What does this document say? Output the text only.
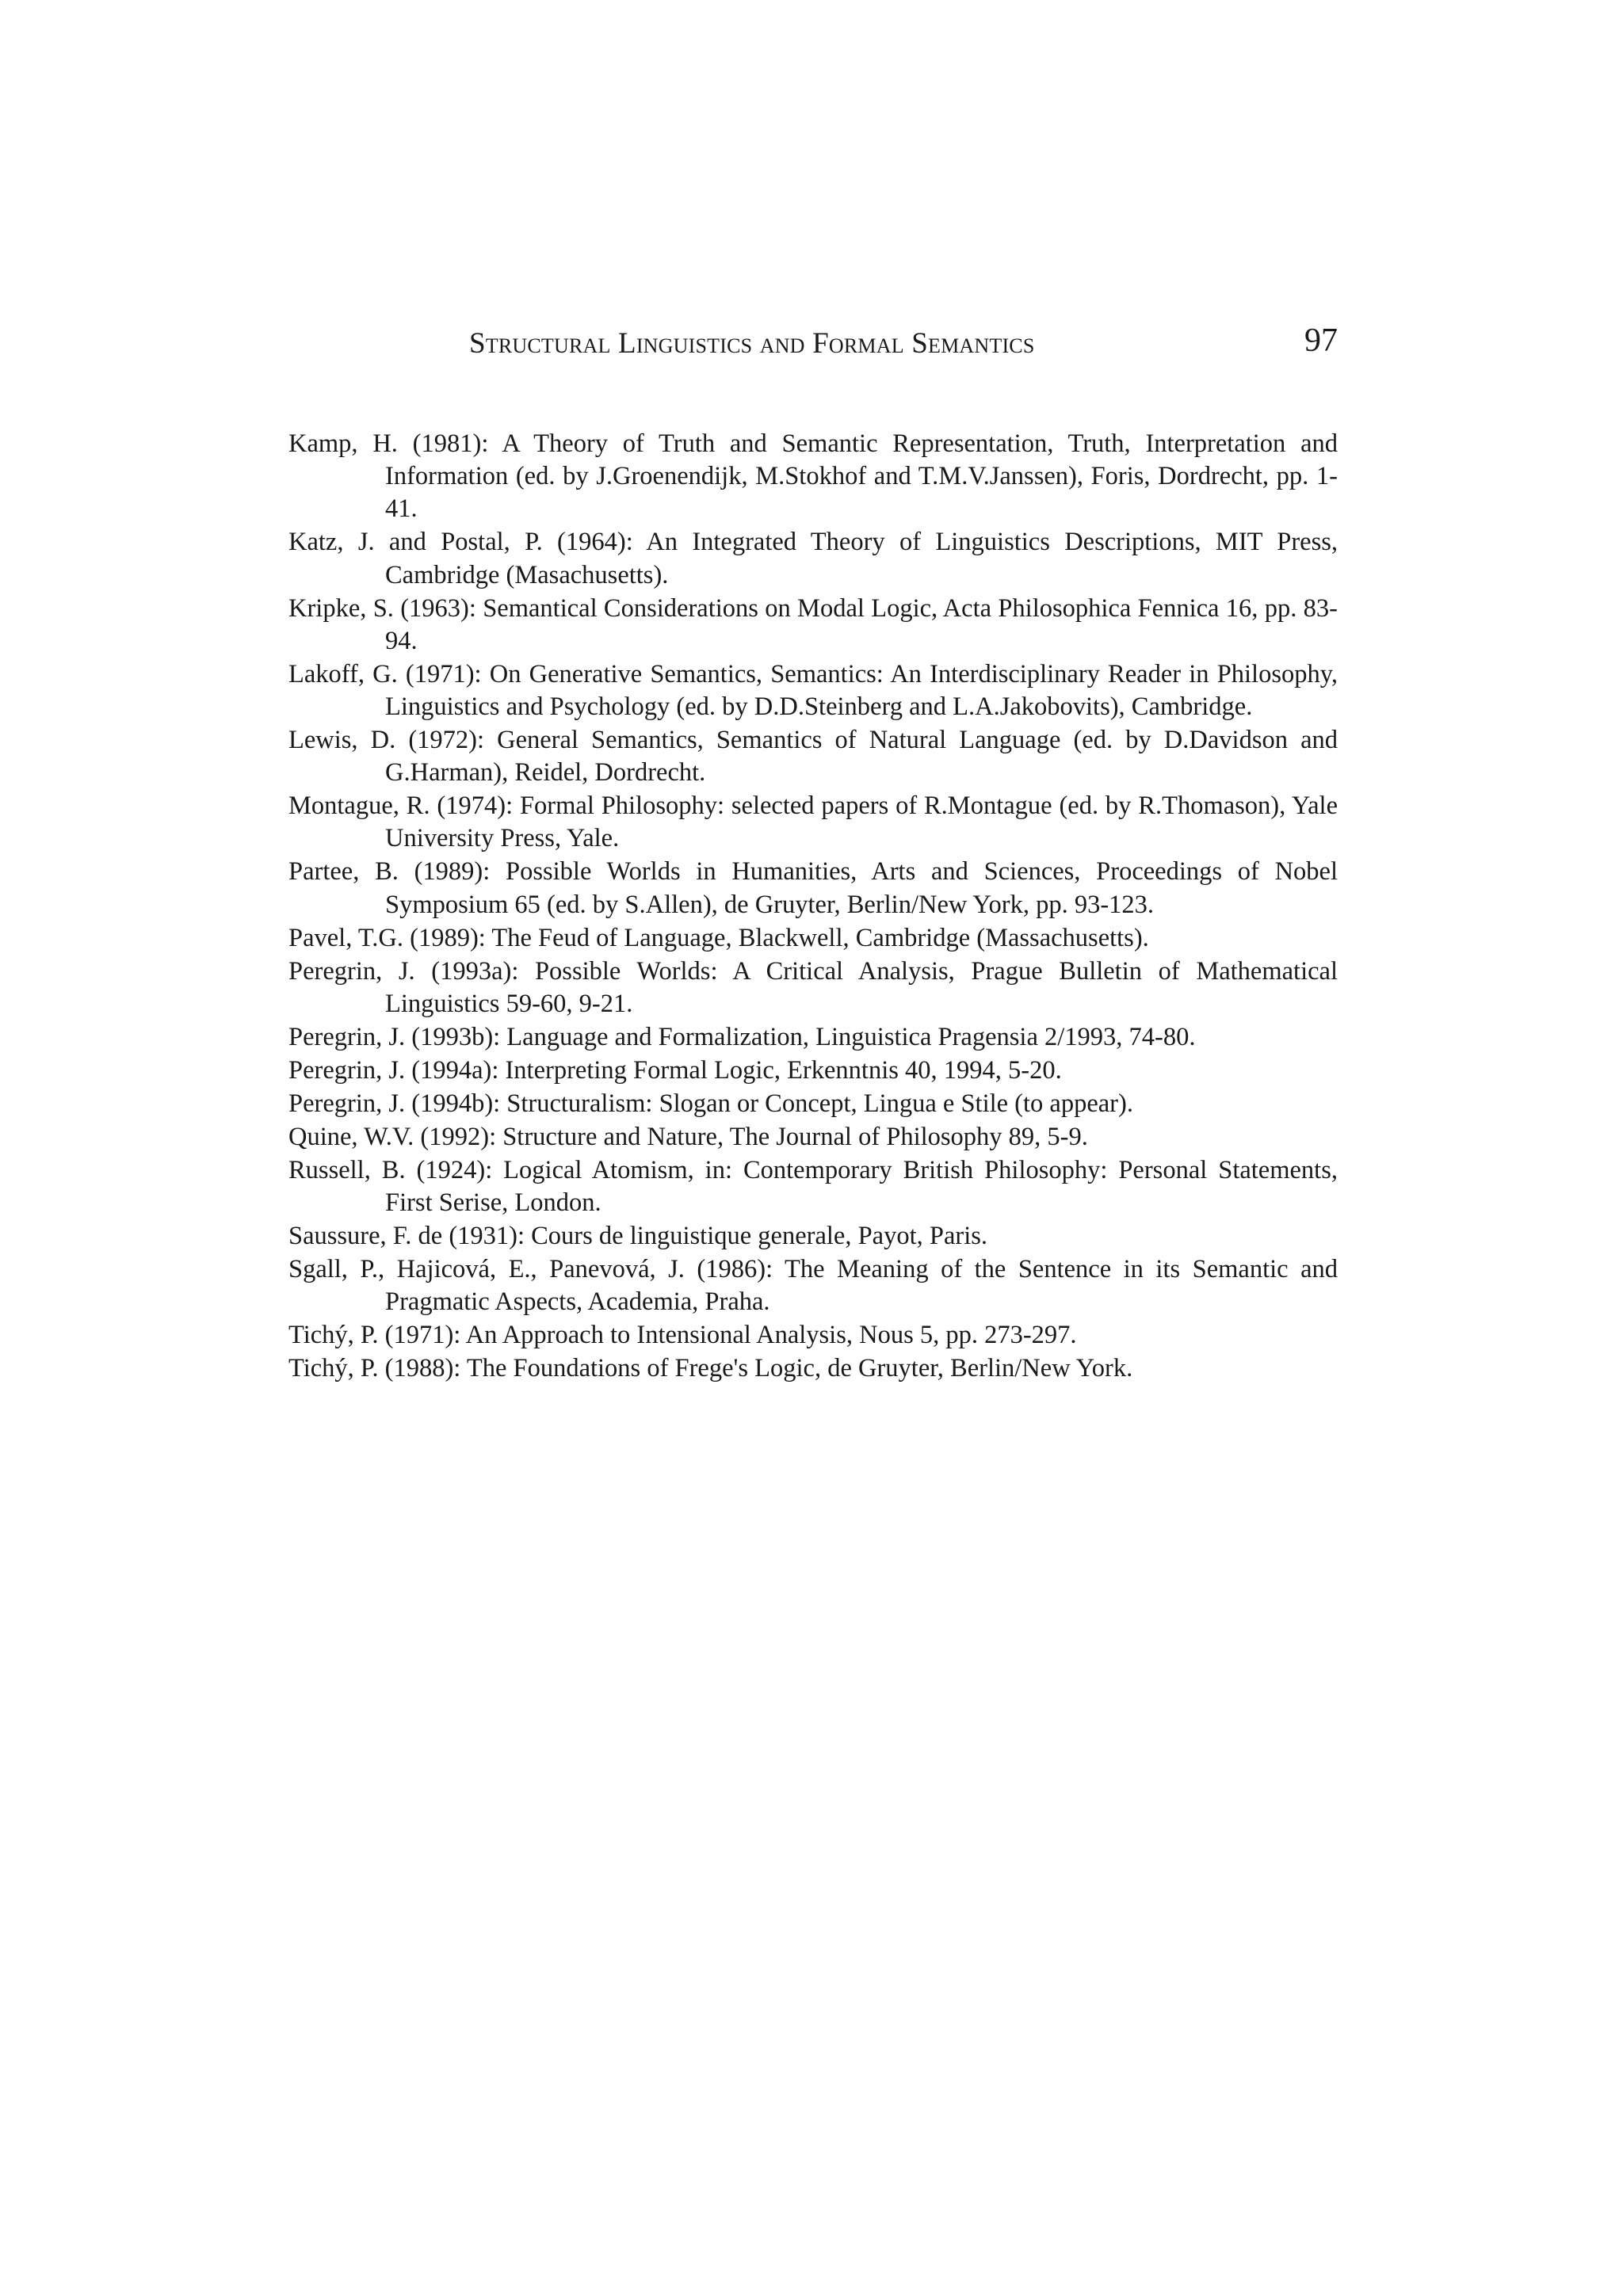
Structural Linguistics and Formal Semantics	97
Kamp, H. (1981): A Theory of Truth and Semantic Representation, Truth, Interpretation and Information (ed. by J.Groenendijk, M.Stokhof and T.M.V.Janssen), Foris, Dordrecht, pp. 1-41.
Katz, J. and Postal, P. (1964): An Integrated Theory of Linguistics Descriptions, MIT Press, Cambridge (Masachusetts).
Kripke, S. (1963): Semantical Considerations on Modal Logic, Acta Philosophica Fennica 16, pp. 83-94.
Lakoff, G. (1971): On Generative Semantics, Semantics: An Interdisciplinary Reader in Philosophy, Linguistics and Psychology (ed. by D.D.Steinberg and L.A.Jakobovits), Cambridge.
Lewis, D. (1972): General Semantics, Semantics of Natural Language (ed. by D.Davidson and G.Harman), Reidel, Dordrecht.
Montague, R. (1974): Formal Philosophy: selected papers of R.Montague (ed. by R.Thomason), Yale University Press, Yale.
Partee, B. (1989): Possible Worlds in Humanities, Arts and Sciences, Proceedings of Nobel Symposium 65 (ed. by S.Allen), de Gruyter, Berlin/New York, pp. 93-123.
Pavel, T.G. (1989): The Feud of Language, Blackwell, Cambridge (Massachusetts).
Peregrin, J. (1993a): Possible Worlds: A Critical Analysis, Prague Bulletin of Mathematical Linguistics 59-60, 9-21.
Peregrin, J. (1993b): Language and Formalization, Linguistica Pragensia 2/1993, 74-80.
Peregrin, J. (1994a): Interpreting Formal Logic, Erkenntnis 40, 1994, 5-20.
Peregrin, J. (1994b): Structuralism: Slogan or Concept, Lingua e Stile (to appear).
Quine, W.V. (1992): Structure and Nature, The Journal of Philosophy 89, 5-9.
Russell, B. (1924): Logical Atomism, in: Contemporary British Philosophy: Personal Statements, First Serise, London.
Saussure, F. de (1931): Cours de linguistique generale, Payot, Paris.
Sgall, P., Hajicová, E., Panevová, J. (1986): The Meaning of the Sentence in its Semantic and Pragmatic Aspects, Academia, Praha.
Tichý, P. (1971): An Approach to Intensional Analysis, Nous 5, pp. 273-297.
Tichý, P. (1988): The Foundations of Frege's Logic, de Gruyter, Berlin/New York.
